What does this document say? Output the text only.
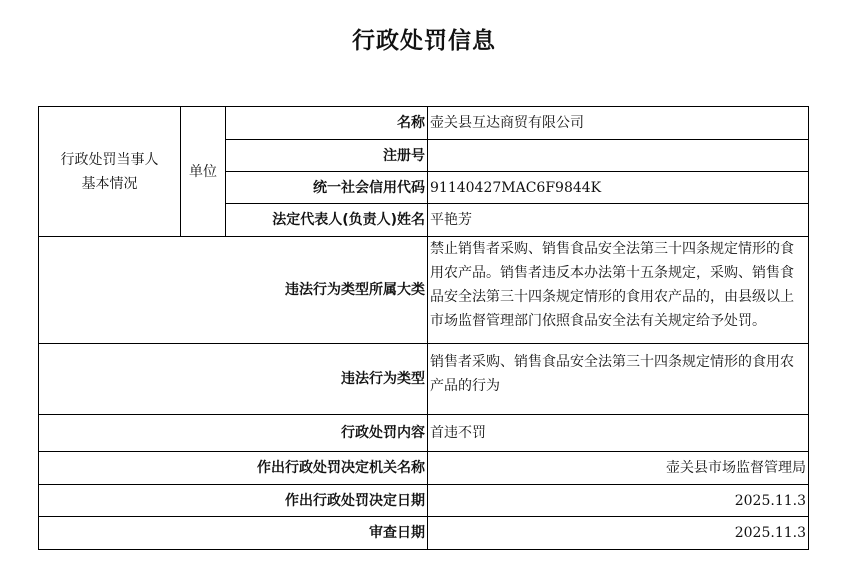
行政处罚信息
行政处罚当事人
基本情况	单位	名称	壶关县互达商贸有限公司
		注册号	
		统一社会信用代码	91140427MAC6F9844K
		法定代表人(负责人)姓名	平艳芳
违法行为类型所属大类			禁止销售者采购、销售食品安全法第三十四条规定情形的食用农产品。销售者违反本办法第十五条规定，采购、销售食品安全法第三十四条规定情形的食用农产品的，由县级以上市场监督管理部门依照食品安全法有关规定给予处罚。
违法行为类型			销售者采购、销售食品安全法第三十四条规定情形的食用农产品的行为
行政处罚内容			首违不罚
作出行政处罚决定机关名称			壶关县市场监督管理局
作出行政处罚决定日期			2025.11.3
审查日期			2025.11.3
